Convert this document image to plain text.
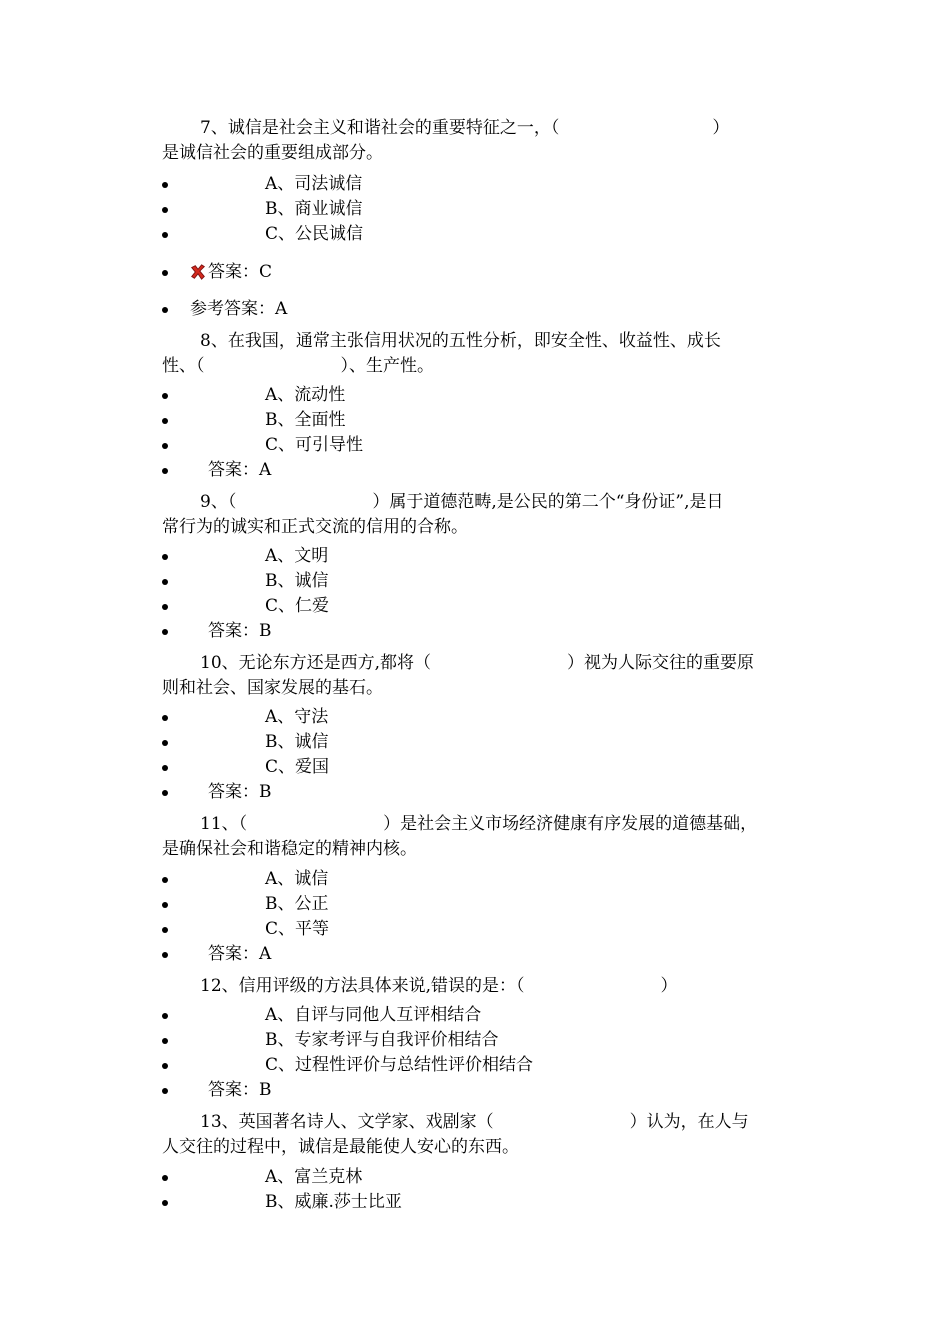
7、诚信是社会主义和谐社会的重要特征之一，（　　　　　　　　　）
是诚信社会的重要组成部分。
A、司法诚信
B、商业诚信
C、公民诚信
答案：C
参考答案：A
8、在我国，通常主张信用状况的五性分析，即安全性、收益性、成长
性、（　　　　　　　　）、生产性。
A、流动性
B、全面性
C、可引导性
答案：A
9、（　　　　　　　　）属于道德范畴,是公民的第二个“身份证”,是日
常行为的诚实和正式交流的信用的合称。
A、文明
B、诚信
C、仁爱
答案：B
10、无论东方还是西方,都将（　　　　　　　　）视为人际交往的重要原
则和社会、国家发展的基石。
A、守法
B、诚信
C、爱国
答案：B
11、（　　　　　　　　）是社会主义市场经济健康有序发展的道德基础，
是确保社会和谐稳定的精神内核。
A、诚信
B、公正
C、平等
答案：A
12、信用评级的方法具体来说,错误的是：（　　　　　　　　）
A、自评与同他人互评相结合
B、专家考评与自我评价相结合
C、过程性评价与总结性评价相结合
答案：B
13、英国著名诗人、文学家、戏剧家（　　　　　　　　）认为，在人与
人交往的过程中，诚信是最能使人安心的东西。
A、富兰克林
B、威廉.莎士比亚
